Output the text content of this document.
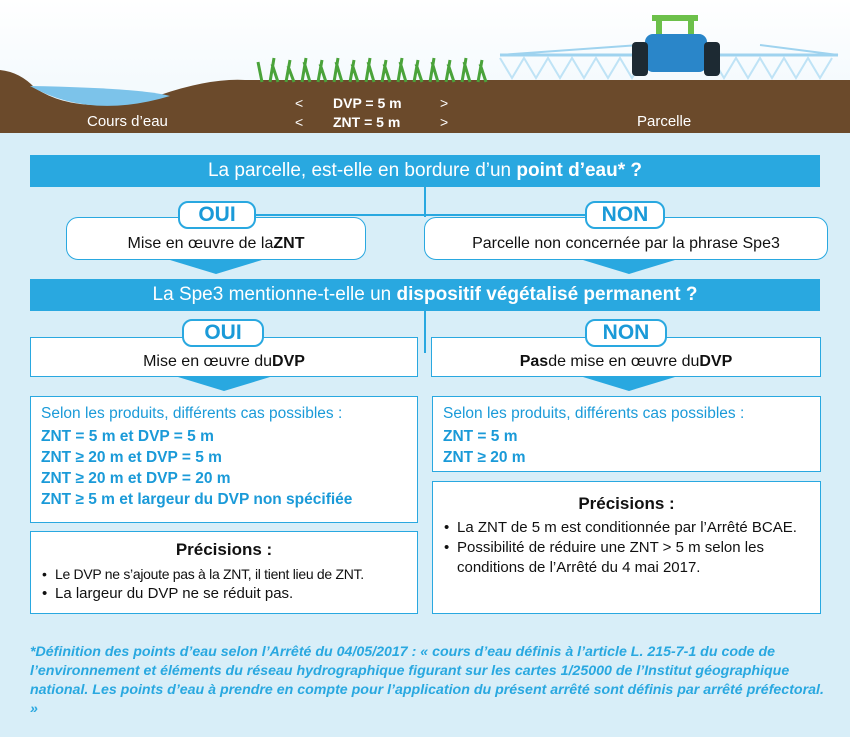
Cours d’eau	Parcelle
< DVP = 5 m	>
< ZNT = 5 m	>
La parcelle, est-elle en bordure d’un
point d’eau* ?
Mise en œuvre de la ZNT
OUI
Parcelle non concernée par la phrase Spe3
NON
La Spe3 mentionne-t-elle un
dispositif végétalisé permanent ?
Mise en œuvre du DVP
OUI
Pas de mise en œuvre du DVP
NON
Selon les produits, différents cas possibles :
ZNT = 5 m et DVP = 5 m
ZNT ≥ 20 m et DVP = 5 m
ZNT ≥ 20 m et DVP = 20 m
ZNT ≥ 5 m et largeur du DVP non spécifiée
Selon les produits, différents cas possibles :
ZNT = 5 m
ZNT ≥ 20 m
Précisions :
• La ZNT de 5 m est conditionnée par l’Arrêté BCAE.
• Possibilité de réduire une ZNT > 5 m selon les conditions de l’Arrêté du 4 mai 2017.
Précisions :
• Le DVP ne s’ajoute pas à la ZNT, il tient lieu de ZNT.
• La largeur du DVP ne se réduit pas.
*Définition des points d’eau selon l’Arrêté du 04/05/2017 : « cours d’eau définis à l’article L. 215-7-1 du code de l’environnement et éléments du réseau hydrographique figurant sur les cartes 1/25000 de l’Institut géographique national. Les points d’eau à prendre en compte pour l’application du présent arrêté sont définis par arrêté préfectoral. »
